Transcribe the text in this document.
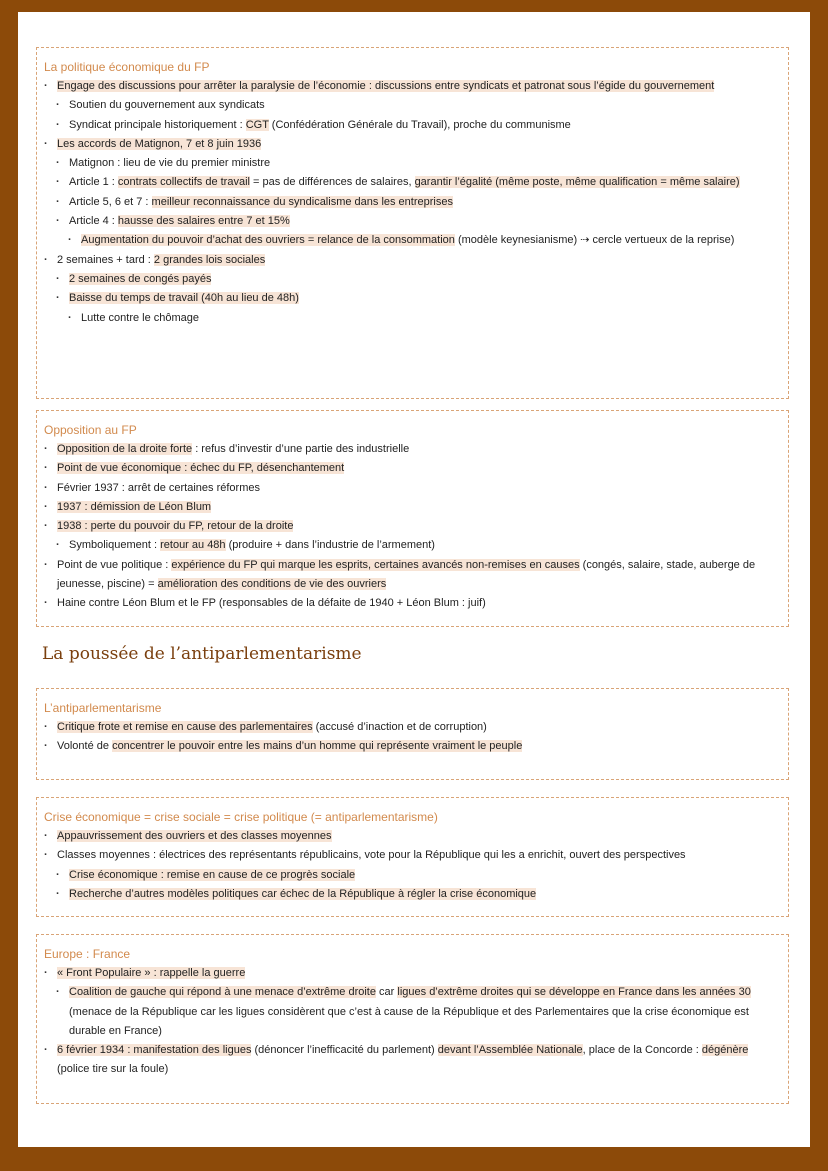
La politique économique du FP
· Engage des discussions pour arrêter la paralysie de l’économie : discussions entre syndicats et patronat sous l’égide du gouvernement
· Soutien du gouvernement aux syndicats
· Syndicat principale historiquement : CGT (Confédération Générale du Travail), proche du communisme
· Les accords de Matignon, 7 et 8 juin 1936
· Matignon : lieu de vie du premier ministre
· Article 1 : contrats collectifs de travail = pas de différences de salaires, garantir l’égalité (même poste, même qualification = même salaire)
· Article 5, 6 et 7 : meilleur reconnaissance du syndicalisme dans les entreprises
· Article 4 : hausse des salaires entre 7 et 15%
· Augmentation du pouvoir d’achat des ouvriers = relance de la consommation (modèle keynesianisme) ⇢ cercle vertueux de la reprise)
· 2 semaines + tard : 2 grandes lois sociales
· 2 semaines de congés payés
· Baisse du temps de travail (40h au lieu de 48h)
· Lutte contre le chômage
Opposition au FP
· Opposition de la droite forte : refus d’investir d’une partie des industrielle
· Point de vue économique : échec du FP, désenchantement
· Février 1937 : arrêt de certaines réformes
· 1937 : démission de Léon Blum
· 1938 : perte du pouvoir du FP, retour de la droite
· Symboliquement : retour au 48h (produire + dans l’industrie de l’armement)
· Point de vue politique : expérience du FP qui marque les esprits, certaines avancés non-remises en causes (congés, salaire, stade, auberge de jeunesse, piscine) = amélioration des conditions de vie des ouvriers
· Haine contre Léon Blum et le FP (responsables de la défaite de 1940 + Léon Blum : juif)
La poussée de l’antiparlementarisme
L’antiparlementarisme
· Critique frote et remise en cause des parlementaires (accusé d’inaction et de corruption)
· Volonté de concentrer le pouvoir entre les mains d’un homme qui représente vraiment le peuple
Crise économique = crise sociale = crise politique (= antiparlementarisme)
· Appauvrissement des ouvriers et des classes moyennes
· Classes moyennes : électrices des représentants républicains, vote pour la République qui les a enrichit, ouvert des perspectives
· Crise économique : remise en cause de ce progrès sociale
· Recherche d’autres modèles politiques car échec de la République à régler la crise économique
Europe : France
· « Front Populaire » : rappelle la guerre
· Coalition de gauche qui répond à une menace d’extrême droite car ligues d’extrême droites qui se développe en France dans les années 30 (menace de la République car les ligues considèrent que c’est à cause de la République et des Parlementaires que la crise économique est durable en France)
· 6 février 1934 : manifestation des ligues (dénoncer l’inefficacité du parlement) devant l’Assemblée Nationale, place de la Concorde : dégénère (police tire sur la foule)
